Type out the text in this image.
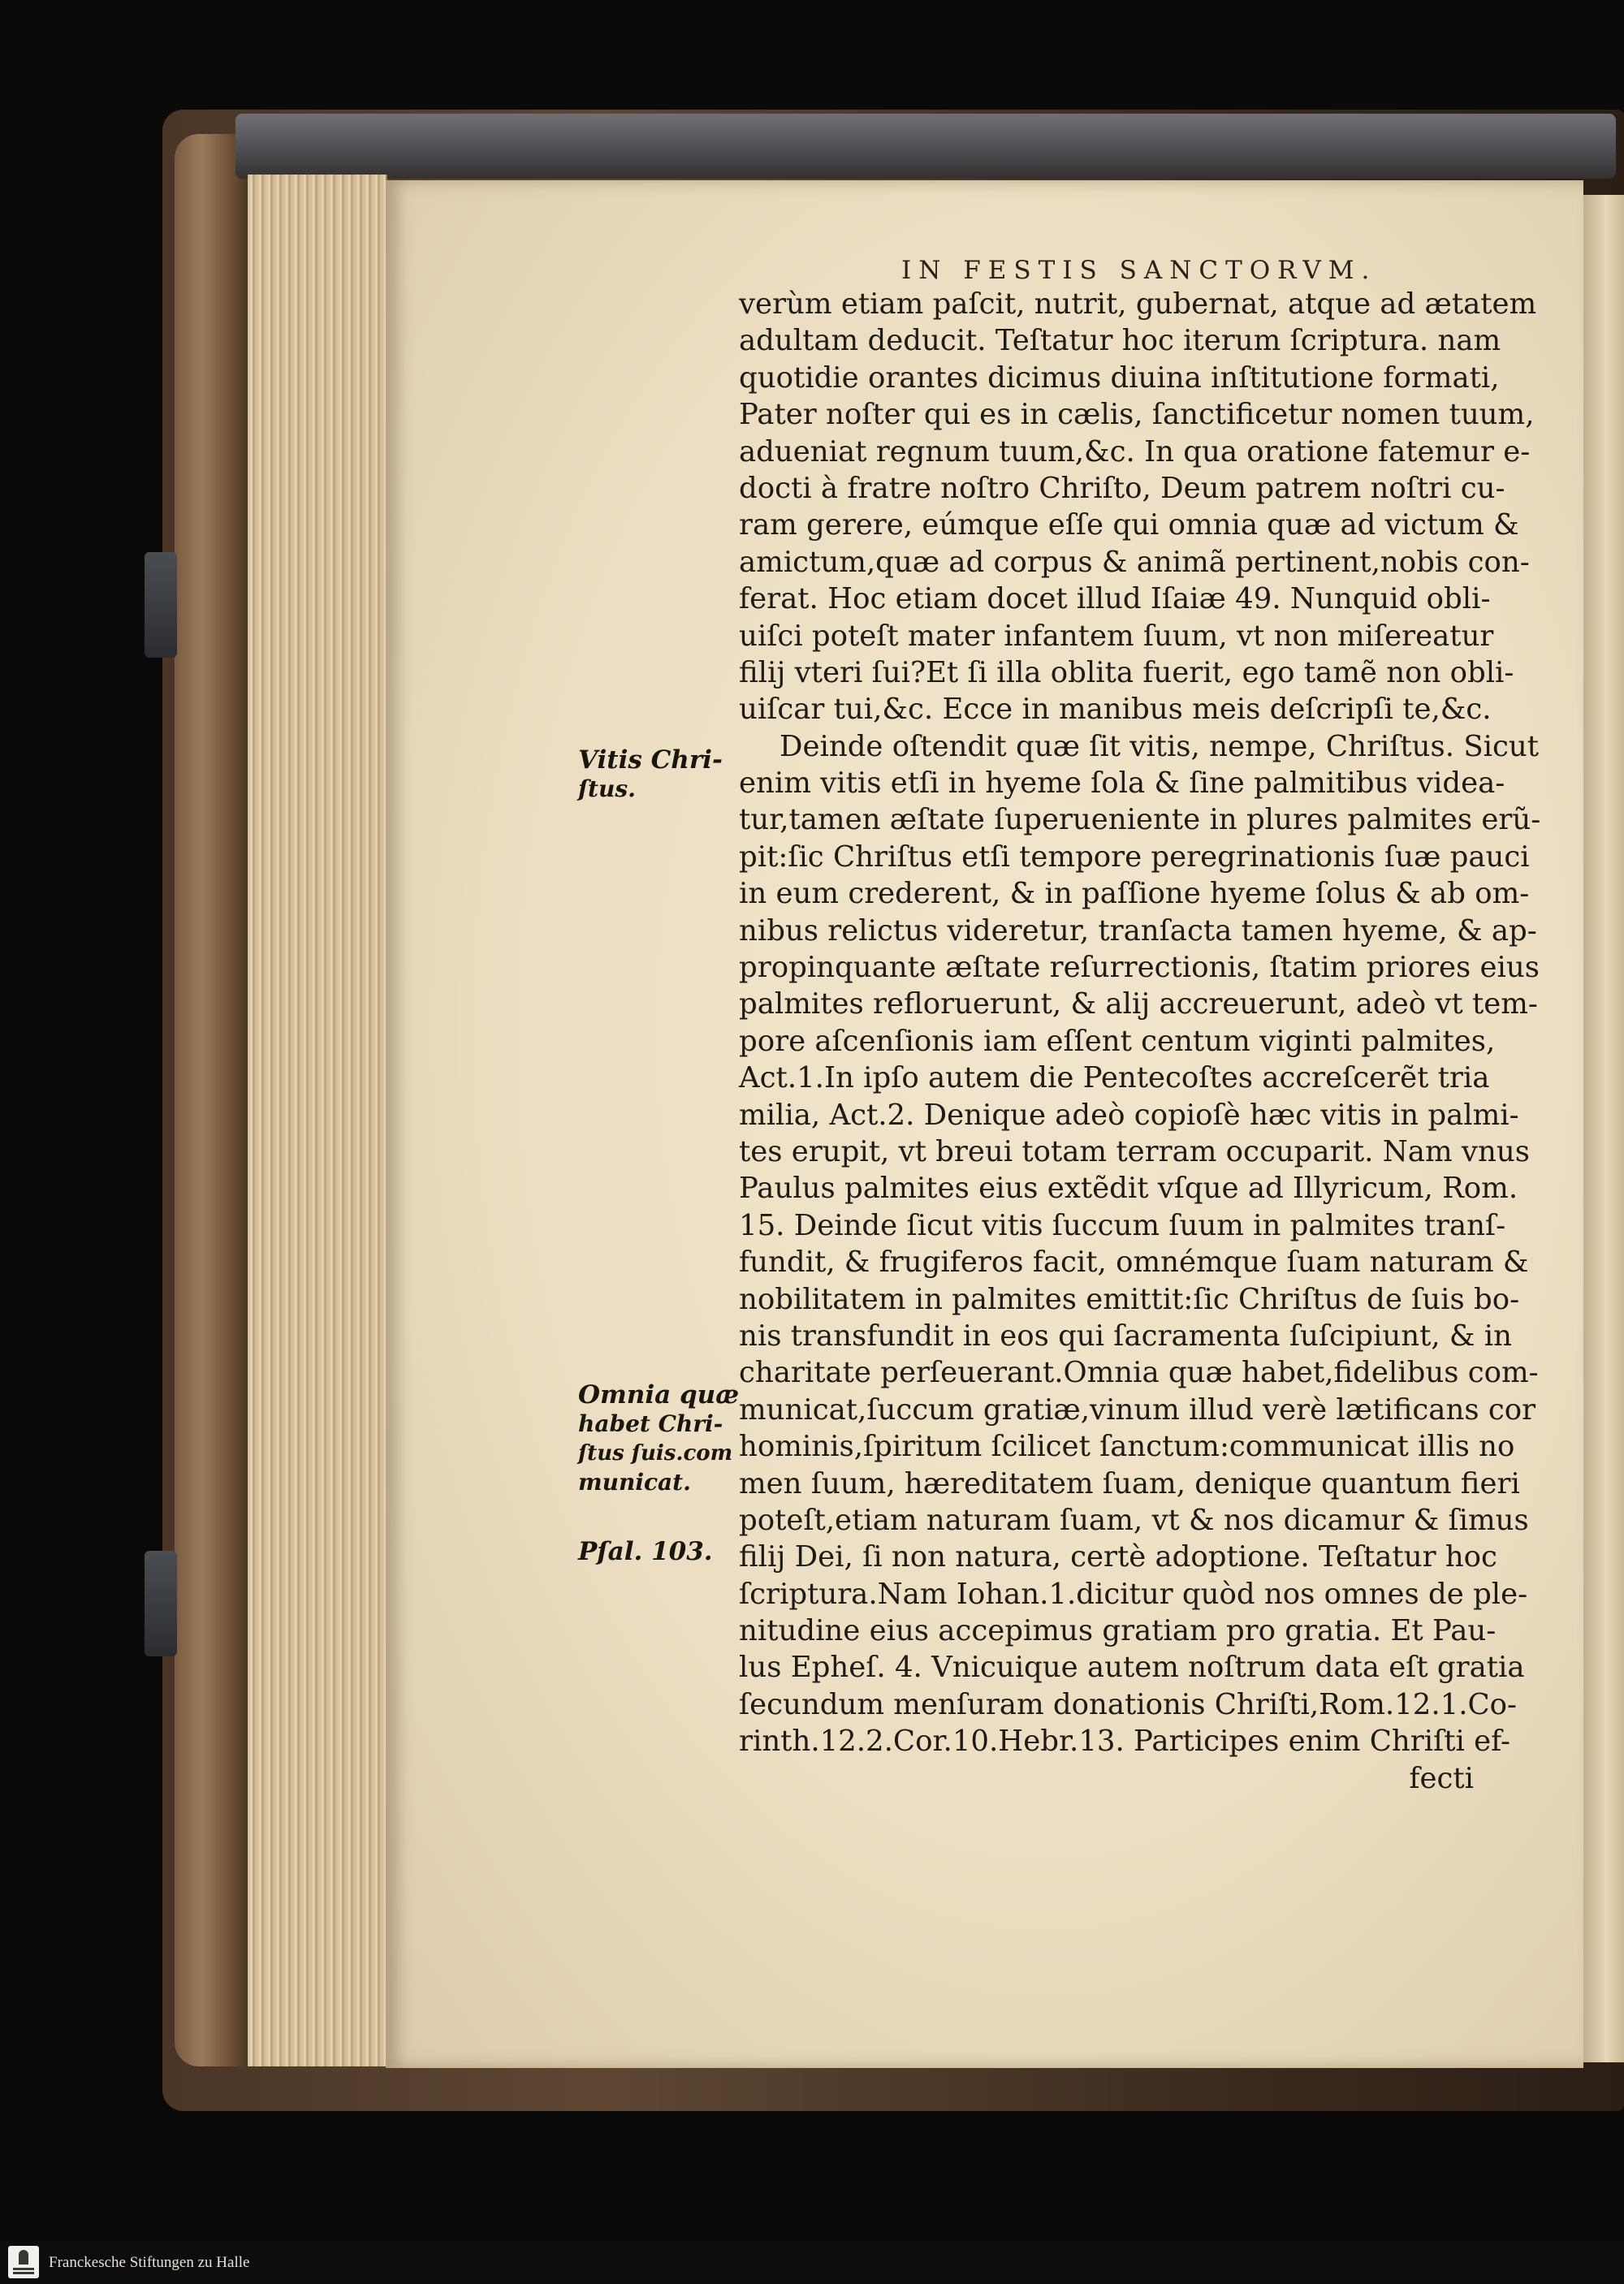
IN FESTIS SANCTORVM.
Vitis Chri-
ſtus.
Omnia quæ
habet Chri-
ſtus ſuis.com
municat.
Pſal. 103.
verùm etiam paſcit, nutrit, gubernat, atque ad ætatem
adultam deducit. Teſtatur hoc iterum ſcriptura. nam
quotidie orantes dicimus diuina inſtitutione formati,
Pater noſter qui es in cælis, ſanctificetur nomen tuum,
adueniat regnum tuum,&c. In qua oratione fatemur e-
docti à fratre noſtro Chriſto, Deum patrem noſtri cu-
ram gerere, eúmque eſſe qui omnia quæ ad victum &
amictum,quæ ad corpus & animã pertinent,nobis con-
ferat. Hoc etiam docet illud Iſaiæ 49. Nunquid obli-
uiſci poteſt mater infantem ſuum, vt non miſereatur
filij vteri ſui?Et ſi illa oblita fuerit, ego tamẽ non obli-
uiſcar tui,&c. Ecce in manibus meis deſcripſi te,&c.
Deinde oſtendit quæ ſit vitis, nempe, Chriſtus. Sicut
enim vitis etſi in hyeme ſola & ſine palmitibus videa-
tur,tamen æſtate ſuperueniente in plures palmites erũ-
pit:ſic Chriſtus etſi tempore peregrinationis ſuæ pauci
in eum crederent, & in paſſione hyeme ſolus & ab om-
nibus relictus videretur, tranſacta tamen hyeme, & ap-
propinquante æſtate reſurrectionis, ſtatim priores eius
palmites refloruerunt, & alij accreuerunt, adeò vt tem-
pore aſcenſionis iam eſſent centum viginti palmites,
Act.1.In ipſo autem die Pentecoſtes accreſcerẽt tria
milia, Act.2. Denique adeò copioſè hæc vitis in palmi-
tes erupit, vt breui totam terram occuparit. Nam vnus
Paulus palmites eius extẽdit vſque ad Illyricum, Rom.
15. Deinde ſicut vitis ſuccum ſuum in palmites tranſ-
fundit, & frugiferos facit, omnémque ſuam naturam &
nobilitatem in palmites emittit:ſic Chriſtus de ſuis bo-
nis transfundit in eos qui ſacramenta ſuſcipiunt, & in
charitate perſeuerant.Omnia quæ habet,fidelibus com-
municat,ſuccum gratiæ,vinum illud verè lætificans cor
hominis,ſpiritum ſcilicet ſanctum:communicat illis no
men ſuum, hæreditatem ſuam, denique quantum fieri
poteſt,etiam naturam ſuam, vt & nos dicamur & ſimus
filij Dei, ſi non natura, certè adoptione. Teſtatur hoc
ſcriptura.Nam Iohan.1.dicitur quòd nos omnes de ple-
nitudine eius accepimus gratiam pro gratia. Et Pau-
lus Epheſ. 4. Vnicuique autem noſtrum data eſt gratia
ſecundum menſuram donationis Chriſti,Rom.12.1.Co-
rinth.12.2.Cor.10.Hebr.13. Participes enim Chriſti ef-
fecti
Franckesche Stiftungen zu Halle
